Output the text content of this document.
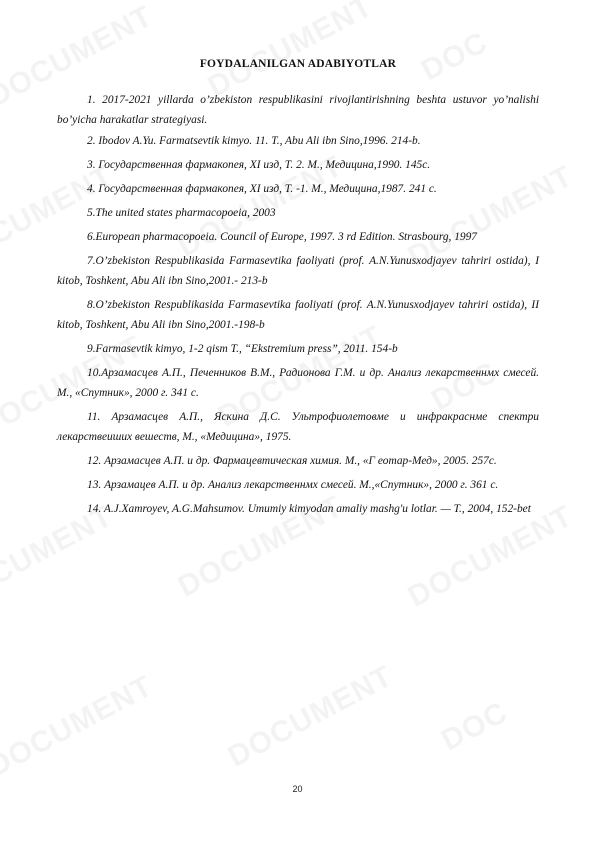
FOYDALANILGAN ADABIYOTLAR

1. 2017-2021 yillarda o’zbekiston respublikasini rivojlantirishning beshta ustuvor yo’nalishi bo’yicha harakatlar strategiyasi.

2. Ibodov A.Yu. Farmatsevtik kimyo. 11. T., Abu Ali ibn Sino,1996. 214-b.

3. Государственная фармакопея, XI изд, Т. 2. М., Медицина,1990. 145с.

4. Государственная фармакопея, XI изд, Т. -1. М., Медицина,1987. 241 с.

5.The united states pharmacopoeia, 2003

6.European pharmacopoeia. Council of Europe, 1997. 3 rd Edition. Strasbourg, 1997

7.O’zbekiston Respublikasida Farmasevtika faoliyati (prof. A.N.Yunusxodjayev tahriri ostida), I kitob, Toshkent, Abu Ali ibn Sino,2001.- 213-b

8.O’zbekiston Respublikasida Farmasevtika faoliyati (prof. A.N.Yunusxodjayev tahriri ostida), II kitob, Toshkent, Abu Ali ibn Sino,2001.-198-b

9.Farmasevtik kimyo, 1-2 qism T., “Ekstremium press”, 2011. 154-b

10.Арзамасцев А.П., Печенников В.М., Радионова Г.М. и др. Анализ лекарственнмх смесей. М., «Спутник», 2000 г. 341 с.

11. Арзамасцев А.П., Яскина Д.С. Ультрофиолетовме и инфракраснме спектри лекарствеиших вешеств, М., «Медицина», 1975.

12. Арзамасцев А.П. и др. Фармацевтическая химия. М., «Г еотар-Мед», 2005. 257с.

13. Арзамацев А.П. и др. Анализ лекарственнмх смесей. М.,«Спутник», 2000 г. 361 с.

14. A.J.Xamroyev, A.G.Mahsumov. Umumiy kimyodan amaliy mashg'u lotlar. — T., 2004, 152-bet

20
